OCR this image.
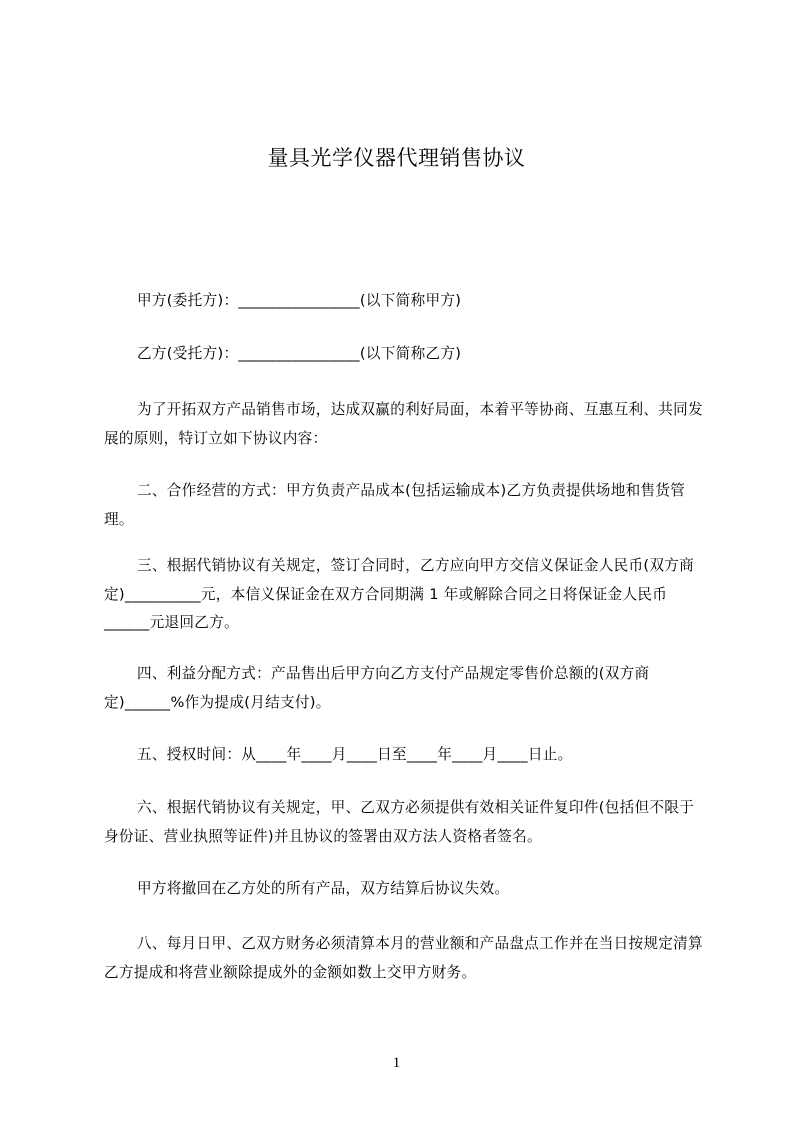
量具光学仪器代理销售协议

甲方(委托方)：________________(以下简称甲方)

乙方(受托方)：________________(以下简称乙方)

为了开拓双方产品销售市场，达成双赢的利好局面，本着平等协商、互惠互利、共同发展的原则，特订立如下协议内容：

二、合作经营的方式：甲方负责产品成本(包括运输成本)乙方负责提供场地和售货管理。

三、根据代销协议有关规定，签订合同时，乙方应向甲方交信义保证金人民币(双方商定)__________元，本信义保证金在双方合同期满 1 年或解除合同之日将保证金人民币______元退回乙方。

四、利益分配方式：产品售出后甲方向乙方支付产品规定零售价总额的(双方商定)______%作为提成(月结支付)。

五、授权时间：从____年____月____日至____年____月____日止。

六、根据代销协议有关规定，甲、乙双方必须提供有效相关证件复印件(包括但不限于身份证、营业执照等证件)并且协议的签署由双方法人资格者签名。

甲方将撤回在乙方处的所有产品，双方结算后协议失效。

八、每月日甲、乙双方财务必须清算本月的营业额和产品盘点工作并在当日按规定清算乙方提成和将营业额除提成外的金额如数上交甲方财务。

1
